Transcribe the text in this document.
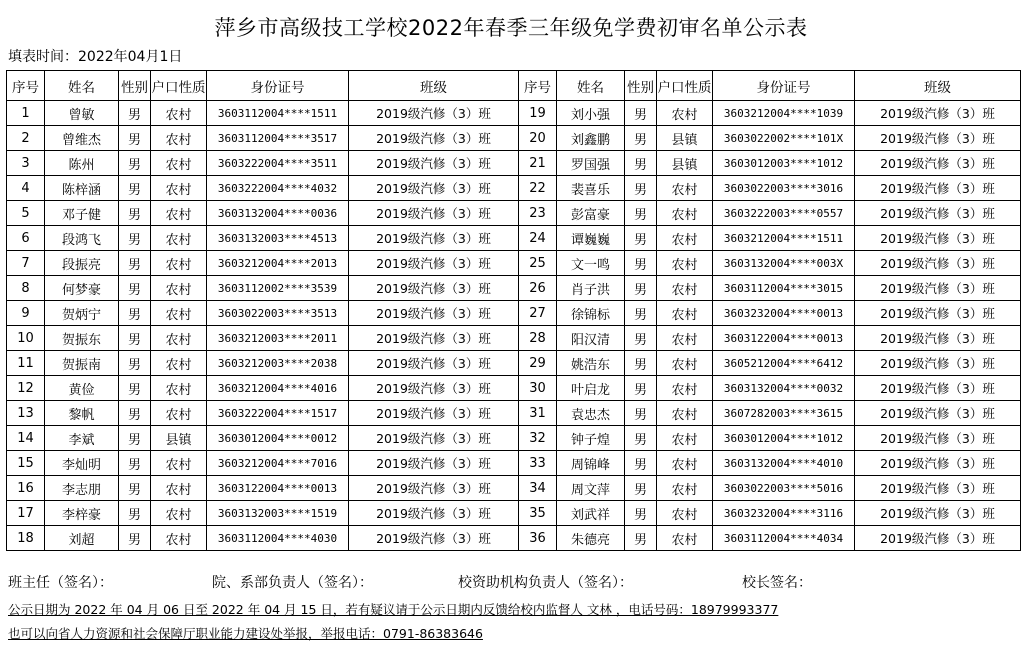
萍乡市高级技工学校2022年春季三年级免学费初审名单公示表
填表时间：2022年04月1日
序号	姓名	性别	户口性质	身份证号	班级	序号	姓名	性别	户口性质	身份证号	班级
1	曾敏	男	农村	3603112004****1511	2019级汽修（3）班	19	刘小强	男	农村	3603212004****1039	2019级汽修（3）班
2	曾维杰	男	农村	3603112004****3517	2019级汽修（3）班	20	刘鑫鹏	男	县镇	3603022002****101X	2019级汽修（3）班
3	陈州	男	农村	3603222004****3511	2019级汽修（3）班	21	罗国强	男	县镇	3603012003****1012	2019级汽修（3）班
4	陈梓涵	男	农村	3603222004****4032	2019级汽修（3）班	22	裴喜乐	男	农村	3603022003****3016	2019级汽修（3）班
5	邓子健	男	农村	3603132004****0036	2019级汽修（3）班	23	彭富豪	男	农村	3603222003****0557	2019级汽修（3）班
6	段鸿飞	男	农村	3603132003****4513	2019级汽修（3）班	24	谭巍巍	男	农村	3603212004****1511	2019级汽修（3）班
7	段振亮	男	农村	3603212004****2013	2019级汽修（3）班	25	文一鸣	男	农村	3603132004****003X	2019级汽修（3）班
8	何梦豪	男	农村	3603112002****3539	2019级汽修（3）班	26	肖子洪	男	农村	3603112004****3015	2019级汽修（3）班
9	贺炳宁	男	农村	3603022003****3513	2019级汽修（3）班	27	徐锦标	男	农村	3603232004****0013	2019级汽修（3）班
10	贺振东	男	农村	3603212003****2011	2019级汽修（3）班	28	阳汉清	男	农村	3603122004****0013	2019级汽修（3）班
11	贺振南	男	农村	3603212003****2038	2019级汽修（3）班	29	姚浩东	男	农村	3605212004****6412	2019级汽修（3）班
12	黄俭	男	农村	3603212004****4016	2019级汽修（3）班	30	叶启龙	男	农村	3603132004****0032	2019级汽修（3）班
13	黎帆	男	农村	3603222004****1517	2019级汽修（3）班	31	袁忠杰	男	农村	3607282003****3615	2019级汽修（3）班
14	李斌	男	县镇	3603012004****0012	2019级汽修（3）班	32	钟子煌	男	农村	3603012004****1012	2019级汽修（3）班
15	李灿明	男	农村	3603212004****7016	2019级汽修（3）班	33	周锦峰	男	农村	3603132004****4010	2019级汽修（3）班
16	李志朋	男	农村	3603122004****0013	2019级汽修（3）班	34	周文萍	男	农村	3603022003****5016	2019级汽修（3）班
17	李梓豪	男	农村	3603132003****1519	2019级汽修（3）班	35	刘武祥	男	农村	3603232004****3116	2019级汽修（3）班
18	刘超	男	农村	3603112004****4030	2019级汽修（3）班	36	朱德亮	男	农村	3603112004****4034	2019级汽修（3）班
班主任（签名）：	院、系部负责人（签名）：	校资助机构负责人（签名）：	校长签名：
公示日期为 2022 年 04 月 06 日至 2022 年 04 月 15 日，若有疑议请于公示日期内反馈给校内监督人 文林 ，电话号码：18979993377
也可以向省人力资源和社会保障厅职业能力建设处举报，举报电话：0791-86383646
